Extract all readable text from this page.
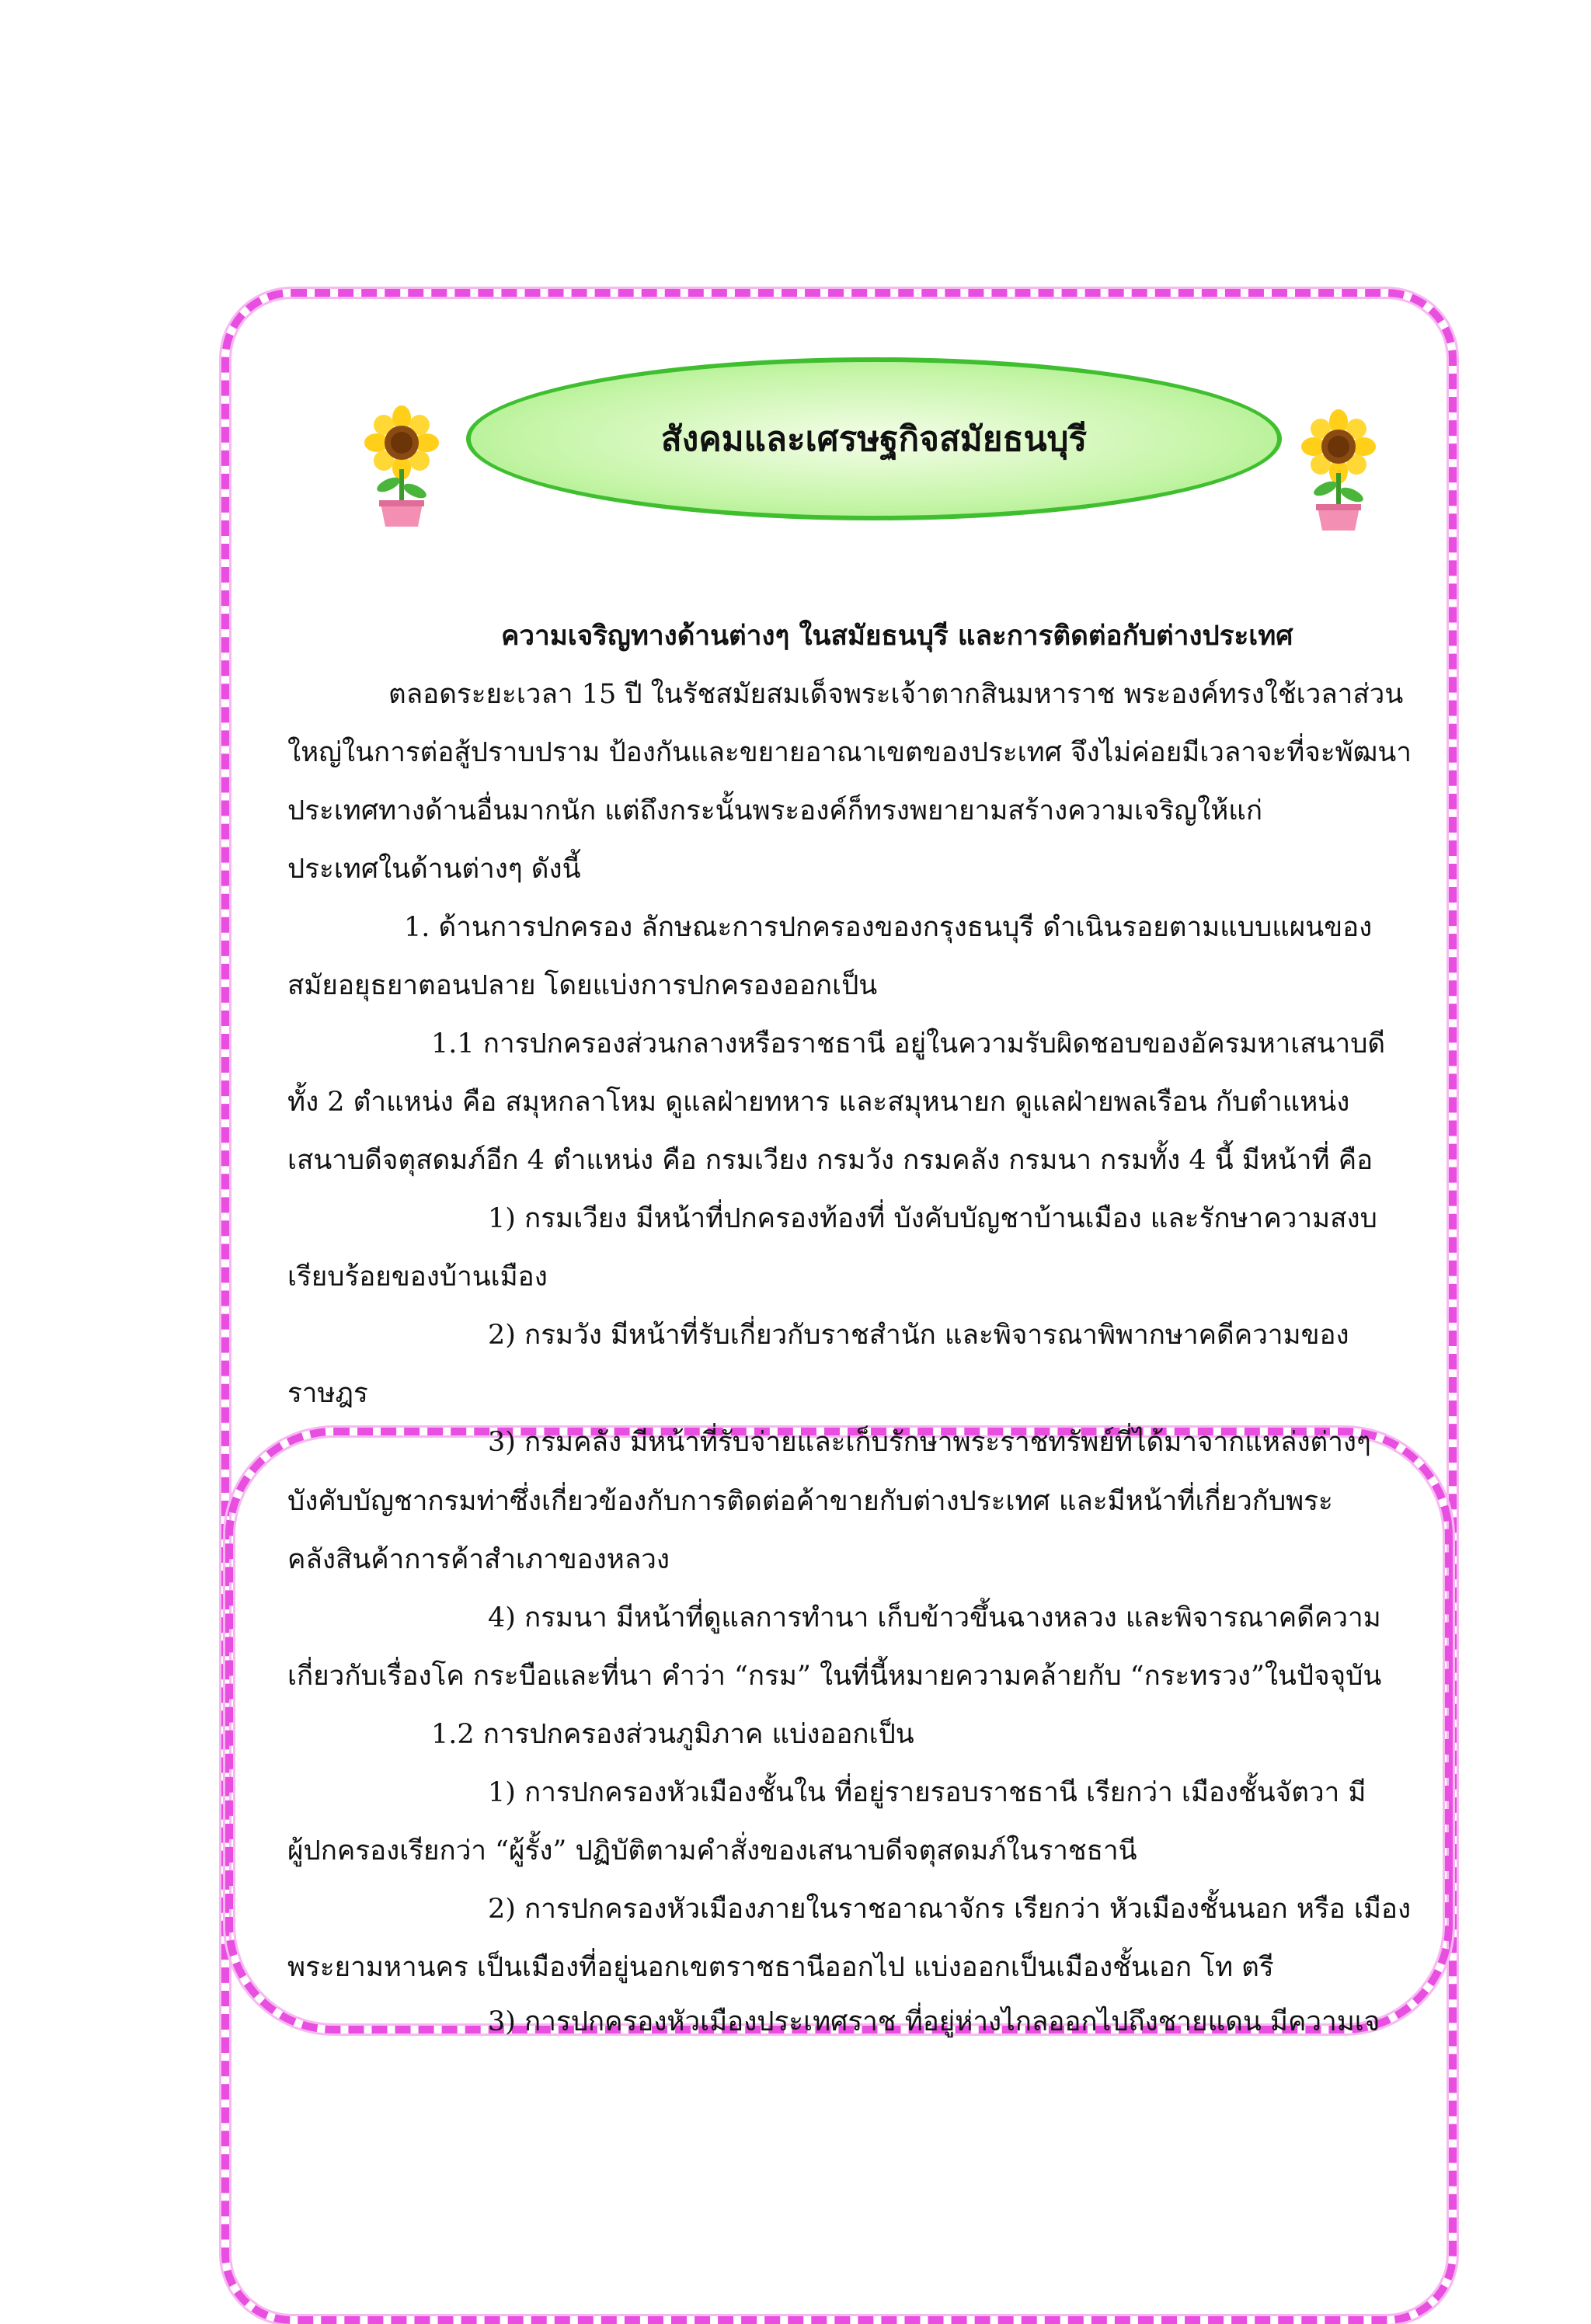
สังคมและเศรษฐกิจสมัยธนบุรี
ความเจริญทางด้านต่างๆ ในสมัยธนบุรี และการติดต่อกับต่างประเทศ
ตลอดระยะเวลา 15 ปี ในรัชสมัยสมเด็จพระเจ้าตากสินมหาราช พระองค์ทรงใช้เวลาส่วน
ใหญ่ในการต่อสู้ปราบปราม ป้องกันและขยายอาณาเขตของประเทศ จึงไม่ค่อยมีเวลาจะที่จะพัฒนา
ประเทศทางด้านอื่นมากนัก แต่ถึงกระนั้นพระองค์ก็ทรงพยายามสร้างความเจริญให้แก่
ประเทศในด้านต่างๆ ดังนี้
1. ด้านการปกครอง ลักษณะการปกครองของกรุงธนบุรี ดำเนินรอยตามแบบแผนของ
สมัยอยุธยาตอนปลาย โดยแบ่งการปกครองออกเป็น
1.1 การปกครองส่วนกลางหรือราชธานี อยู่ในความรับผิดชอบของอัครมหาเสนาบดี
ทั้ง 2 ตำแหน่ง คือ สมุหกลาโหม ดูแลฝ่ายทหาร และสมุหนายก ดูแลฝ่ายพลเรือน กับตำแหน่ง
เสนาบดีจตุสดมภ์อีก 4 ตำแหน่ง คือ กรมเวียง กรมวัง กรมคลัง กรมนา กรมทั้ง 4 นี้ มีหน้าที่ คือ
1) กรมเวียง มีหน้าที่ปกครองท้องที่ บังคับบัญชาบ้านเมือง และรักษาความสงบ
เรียบร้อยของบ้านเมือง
2) กรมวัง มีหน้าที่รับเกี่ยวกับราชสำนัก และพิจารณาพิพากษาคดีความของ
ราษฎร
3) กรมคลัง มีหน้าที่รับจ่ายและเก็บรักษาพระราชทรัพย์ที่ได้มาจากแหล่งต่างๆ
บังคับบัญชากรมท่าซึ่งเกี่ยวข้องกับการติดต่อค้าขายกับต่างประเทศ และมีหน้าที่เกี่ยวกับพระ
คลังสินค้าการค้าสำเภาของหลวง
4) กรมนา มีหน้าที่ดูแลการทำนา เก็บข้าวขึ้นฉางหลวง และพิจารณาคดีความ
เกี่ยวกับเรื่องโค กระบือและที่นา คำว่า “กรม” ในที่นี้หมายความคล้ายกับ “กระทรวง”ในปัจจุบัน
1.2 การปกครองส่วนภูมิภาค แบ่งออกเป็น
1) การปกครองหัวเมืองชั้นใน ที่อยู่รายรอบราชธานี เรียกว่า เมืองชั้นจัตวา มี
ผู้ปกครองเรียกว่า “ผู้รั้ง” ปฏิบัติตามคำสั่งของเสนาบดีจตุสดมภ์ในราชธานี
2) การปกครองหัวเมืองภายในราชอาณาจักร เรียกว่า หัวเมืองชั้นนอก หรือ เมือง
พระยามหานคร เป็นเมืองที่อยู่นอกเขตราชธานีออกไป แบ่งออกเป็นเมืองชั้นเอก โท ตรี
3) การปกครองหัวเมืองประเทศราช ที่อยู่ห่างไกลออกไปถึงชายแดน มีความเจ
